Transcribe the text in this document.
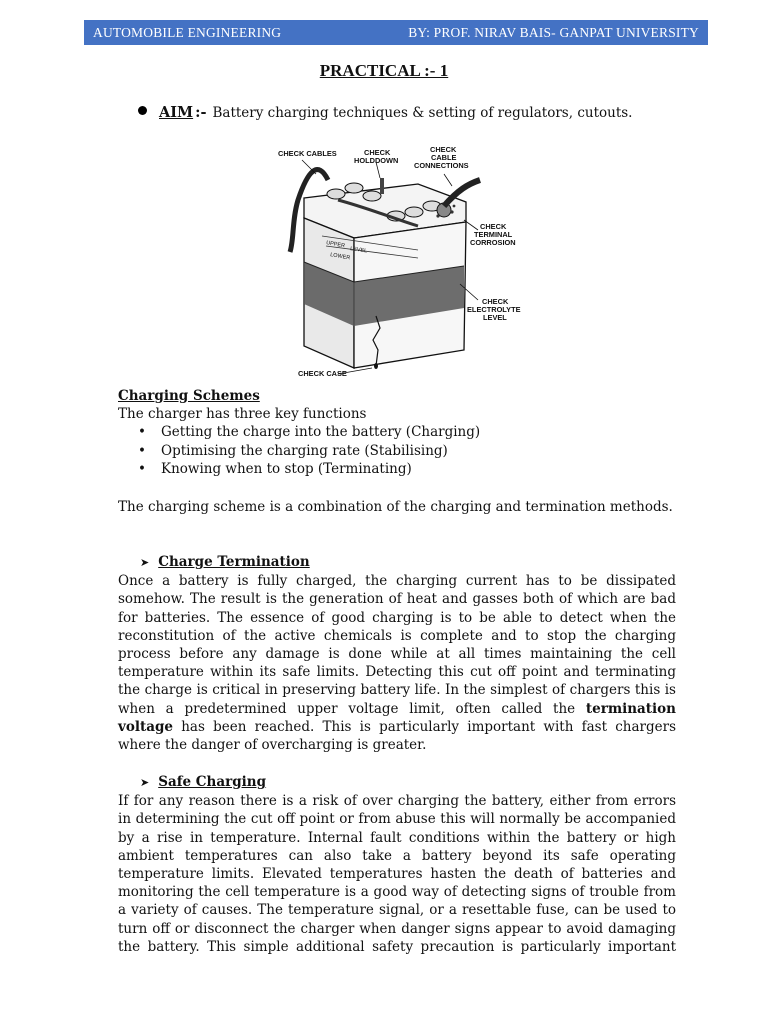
AUTOMOBILE ENGINEERING	BY: PROF. NIRAV BAIS- GANPAT UNIVERSITY
PRACTICAL :- 1
AIM :- Battery charging techniques & setting of regulators, cutouts.
CHECK CABLES	CHECK
HOLDDOWN
CHECK
CABLE
CONNECTIONS
CHECK
TERMINAL
CORROSION
CHECK
ELECTROLYTE
LEVEL
CHECK CASE
UPPER
LEVEL
LOWER
Charging Schemes
The charger has three key functions
• Getting the charge into the battery (Charging)
• Optimising the charging rate (Stabilising)
• Knowing when to stop (Terminating)

The charging scheme is a combination of the charging and termination methods.

➤ Charge Termination

Once a battery is fully charged, the charging current has to be dissipated somehow. The result is the generation of heat and gasses both of which are bad for batteries. The essence of good charging is to be able to detect when the reconstitution of the active chemicals is complete and to stop the charging process before any damage is done while at all times maintaining the cell temperature within its safe limits. Detecting this cut off point and terminating the charge is critical in preserving battery life. In the simplest of chargers this is when a predetermined upper voltage limit, often called the termination voltage has been reached. This is particularly important with fast chargers where the danger of overcharging is greater.

➤ Safe Charging

If for any reason there is a risk of over charging the battery, either from errors in determining the cut off point or from abuse this will normally be accompanied by a rise in temperature. Internal fault conditions within the battery or high ambient temperatures can also take a battery beyond its safe operating temperature limits. Elevated temperatures hasten the death of batteries and monitoring the cell temperature is a good way of detecting signs of trouble from a variety of causes. The temperature signal, or a resettable fuse, can be used to turn off or disconnect the charger when danger signs appear to avoid damaging the battery. This simple additional safety precaution is particularly important
